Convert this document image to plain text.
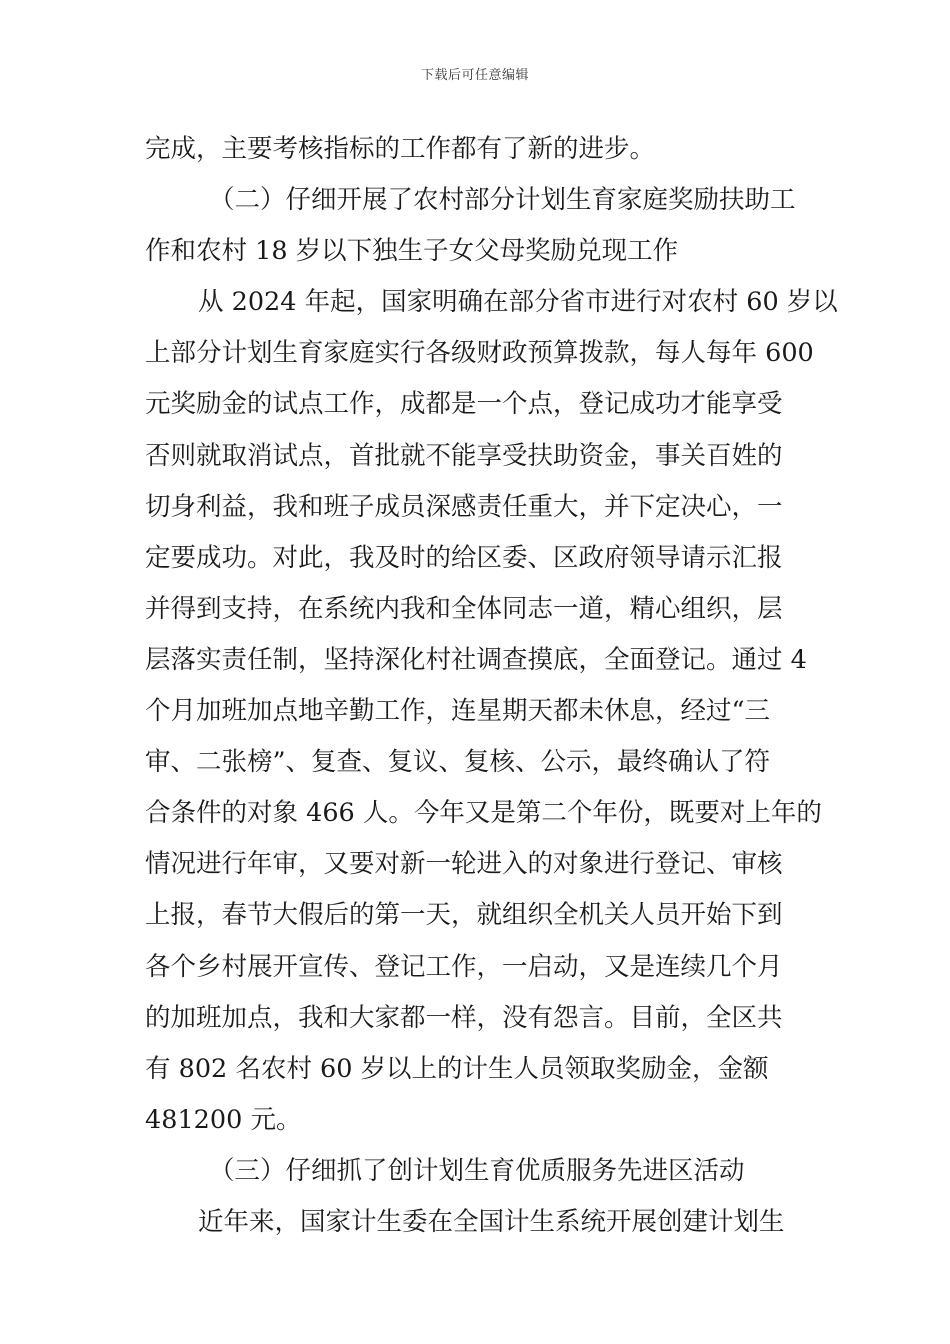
下载后可任意编辑
完成，主要考核指标的工作都有了新的进步。
（二）仔细开展了农村部分计划生育家庭奖励扶助工
作和农村 18 岁以下独生子女父母奖励兑现工作
从 2024 年起，国家明确在部分省市进行对农村 60 岁以
上部分计划生育家庭实行各级财政预算拨款，每人每年 600
元奖励金的试点工作，成都是一个点，登记成功才能享受
否则就取消试点，首批就不能享受扶助资金，事关百姓的
切身利益，我和班子成员深感责任重大，并下定决心，一
定要成功。对此，我及时的给区委、区政府领导请示汇报
并得到支持，在系统内我和全体同志一道，精心组织，层
层落实责任制，坚持深化村社调查摸底，全面登记。通过 4
个月加班加点地辛勤工作，连星期天都未休息，经过“三
审、二张榜”、复查、复议、复核、公示，最终确认了符
合条件的对象 466 人。今年又是第二个年份，既要对上年的
情况进行年审，又要对新一轮进入的对象进行登记、审核
上报，春节大假后的第一天，就组织全机关人员开始下到
各个乡村展开宣传、登记工作，一启动，又是连续几个月
的加班加点，我和大家都一样，没有怨言。目前，全区共
有 802 名农村 60 岁以上的计生人员领取奖励金，金额
481200 元。
（三）仔细抓了创计划生育优质服务先进区活动
近年来，国家计生委在全国计生系统开展创建计划生
